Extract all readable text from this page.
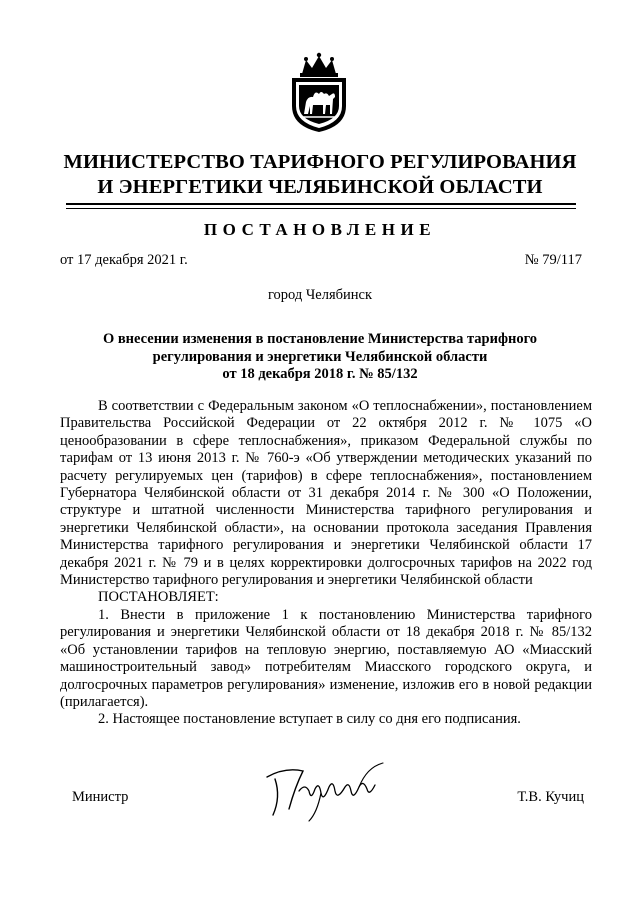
МИНИСТЕРСТВО ТАРИФНОГО РЕГУЛИРОВАНИЯ
И ЭНЕРГЕТИКИ ЧЕЛЯБИНСКОЙ ОБЛАСТИ
ПОСТАНОВЛЕНИЕ
от 17 декабря 2021 г.	№ 79/117
город Челябинск
О внесении изменения в постановление Министерства тарифного
регулирования и энергетики Челябинской области
от 18 декабря 2018 г. № 85/132

В соответствии с Федеральным законом «О теплоснабжении», постановлением Правительства Российской Федерации от 22 октября 2012 г. № 1075 «О ценообразовании в сфере теплоснабжения», приказом Федеральной службы по тарифам от 13 июня 2013 г. № 760-э «Об утверждении методических указаний по расчету регулируемых цен (тарифов) в сфере теплоснабжения», постановлением Губернатора Челябинской области от 31 декабря 2014 г. № 300 «О Положении, структуре и штатной численности Министерства тарифного регулирования и энергетики Челябинской области», на основании протокола заседания Правления Министерства тарифного регулирования и энергетики Челябинской области 17 декабря 2021 г. № 79 и в целях корректировки долгосрочных тарифов на 2022 год Министерство тарифного регулирования и энергетики Челябинской области

ПОСТАНОВЛЯЕТ:

1. Внести в приложение 1 к постановлению Министерства тарифного регулирования и энергетики Челябинской области от 18 декабря 2018 г. № 85/132 «Об установлении тарифов на тепловую энергию, поставляемую АО «Миасский машиностроительный завод» потребителям Миасского городского округа, и долгосрочных параметров регулирования» изменение, изложив его в новой редакции (прилагается).

2. Настоящее постановление вступает в силу со дня его подписания.

Министр	Т.В. Кучиц
